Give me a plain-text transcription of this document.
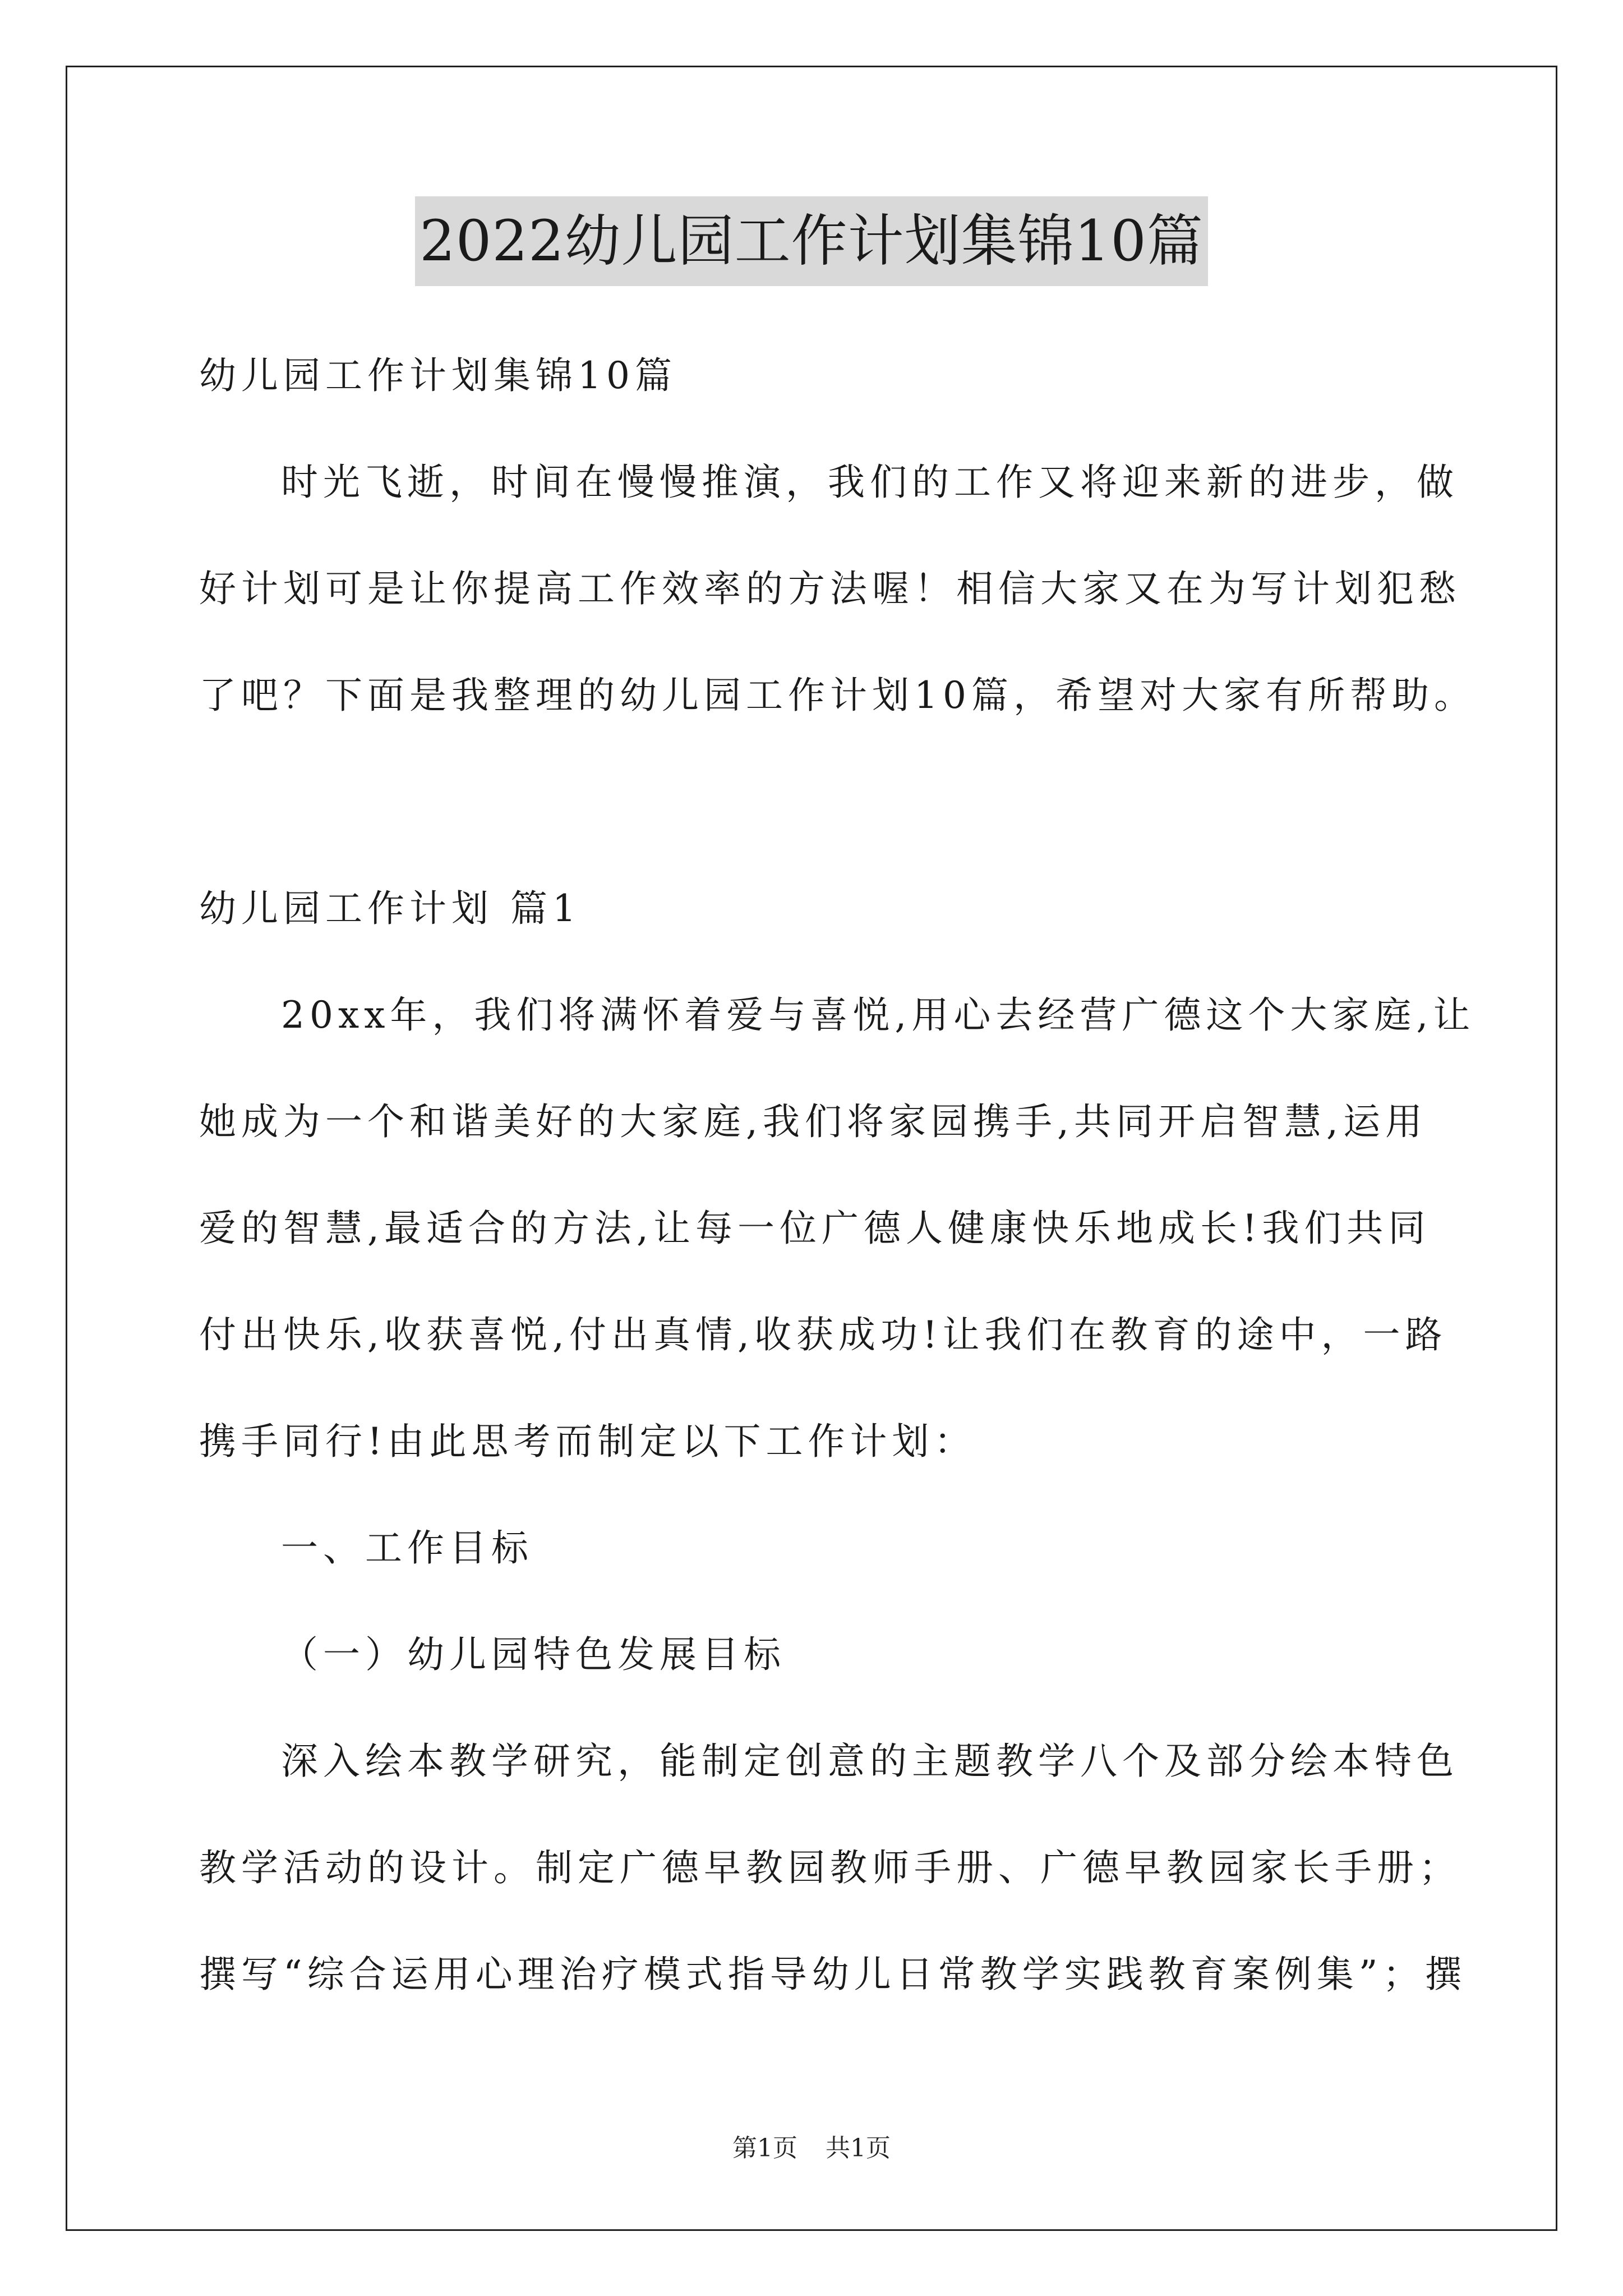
2022幼儿园工作计划集锦10篇
幼儿园工作计划集锦10篇
时光飞逝，时间在慢慢推演，我们的工作又将迎来新的进步，做
好计划可是让你提高工作效率的方法喔！相信大家又在为写计划犯愁
了吧？下面是我整理的幼儿园工作计划10篇，希望对大家有所帮助。
幼儿园工作计划 篇1
20xx年，我们将满怀着爱与喜悦,用心去经营广德这个大家庭,让
她成为一个和谐美好的大家庭,我们将家园携手,共同开启智慧,运用
爱的智慧,最适合的方法,让每一位广德人健康快乐地成长!我们共同
付出快乐,收获喜悦,付出真情,收获成功!让我们在教育的途中，一路
携手同行!由此思考而制定以下工作计划：
一、工作目标
（一）幼儿园特色发展目标
深入绘本教学研究，能制定创意的主题教学八个及部分绘本特色
教学活动的设计。制定广德早教园教师手册、广德早教园家长手册；
撰写“综合运用心理治疗模式指导幼儿日常教学实践教育案例集”；撰
第1页 共1页
